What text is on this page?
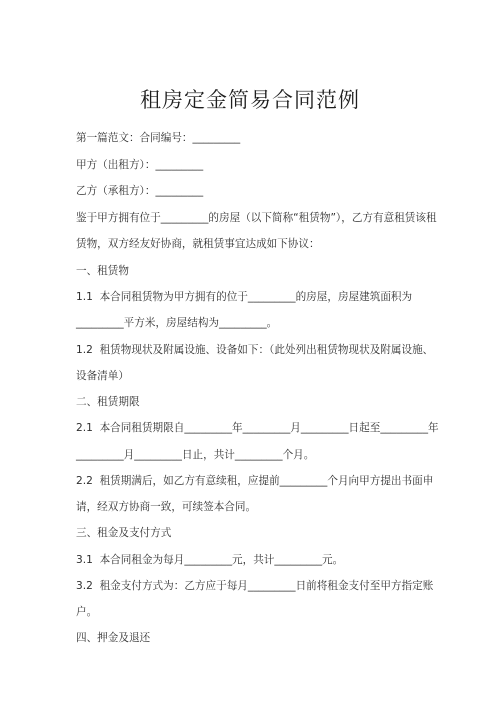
租房定金简易合同范例
第一篇范文：合同编号：_________
甲方（出租方）：_________
乙方（承租方）：_________
鉴于甲方拥有位于_________的房屋（以下简称“租赁物”），乙方有意租赁该租
赁物，双方经友好协商，就租赁事宜达成如下协议：
一、租赁物
1.1  本合同租赁物为甲方拥有的位于_________的房屋，房屋建筑面积为
_________平方米，房屋结构为_________。
1.2  租赁物现状及附属设施、设备如下：（此处列出租赁物现状及附属设施、
设备清单）
二、租赁期限
2.1  本合同租赁期限自_________年_________月_________日起至_________年
_________月_________日止，共计_________个月。
2.2  租赁期满后，如乙方有意续租，应提前_________个月向甲方提出书面申
请，经双方协商一致，可续签本合同。
三、租金及支付方式
3.1  本合同租金为每月_________元，共计_________元。
3.2  租金支付方式为：乙方应于每月_________日前将租金支付至甲方指定账
户。
四、押金及退还
